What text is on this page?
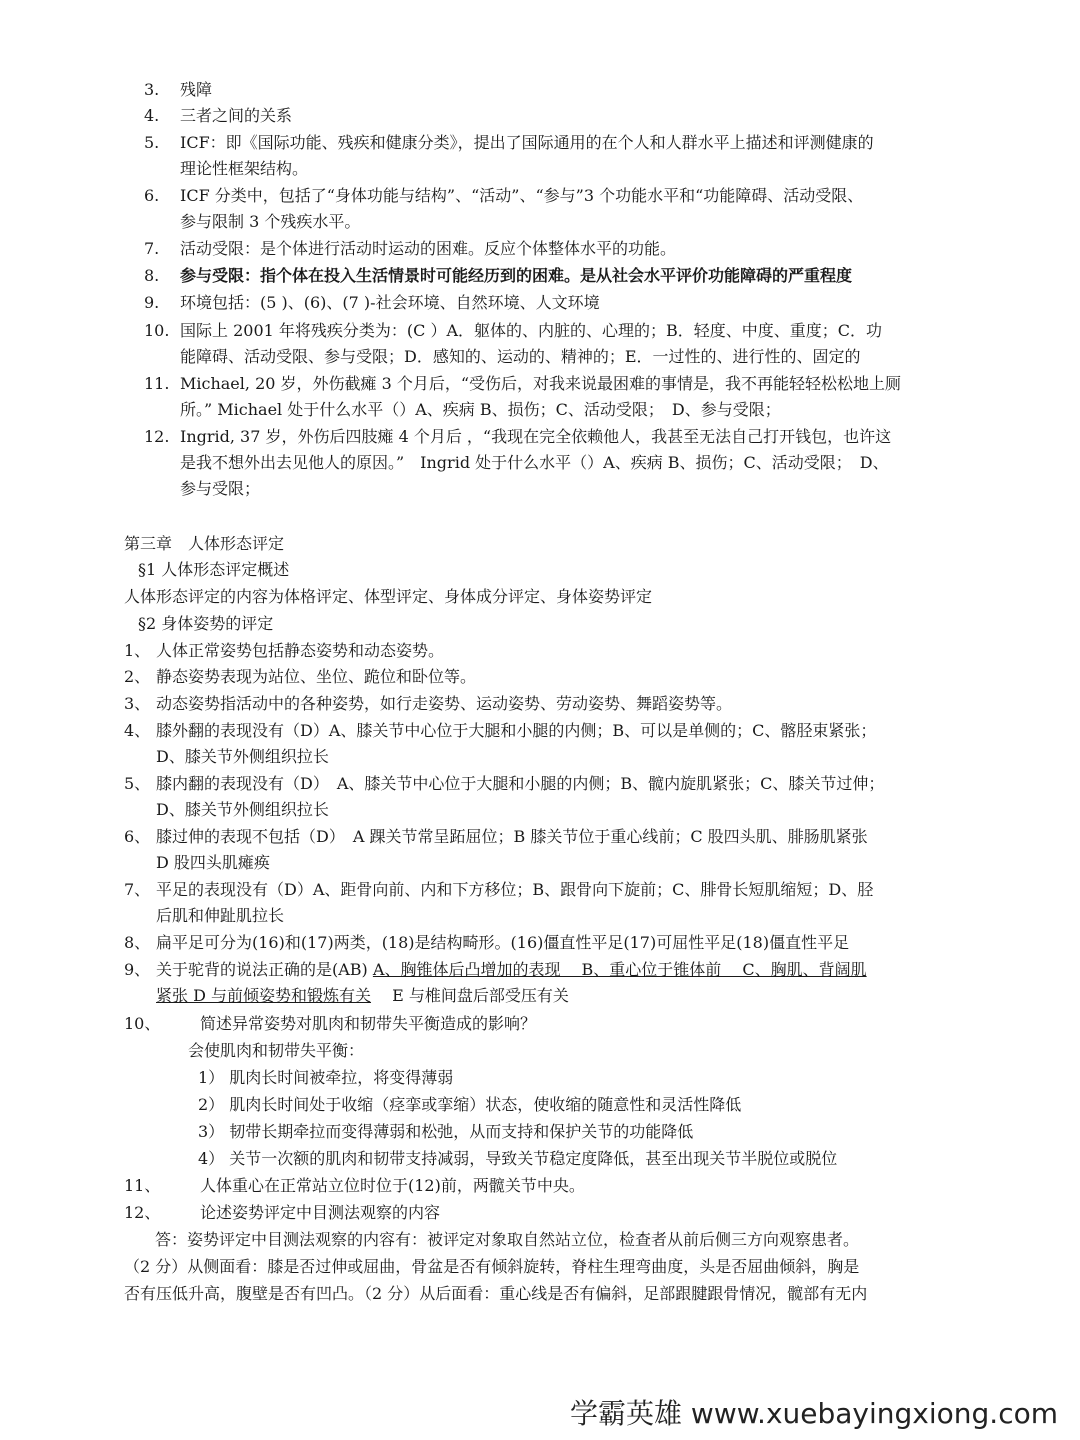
3. 残障
4. 三者之间的关系
5. ICF：即《国际功能、残疾和健康分类》，提出了国际通用的在个人和人群水平上描述和评测健康的
理论性框架结构。
6. ICF 分类中，包括了“身体功能与结构”、“活动”、“参与”3 个功能水平和“功能障碍、活动受限、
参与限制 3 个残疾水平。
7. 活动受限：是个体进行活动时运动的困难。反应个体整体水平的功能。
8. 参与受限：指个体在投入生活情景时可能经历到的困难。是从社会水平评价功能障碍的严重程度
9. 环境包括：(5 )、(6)、(7 )-社会环境、自然环境、人文环境
10. 国际上 2001 年将残疾分类为：(C ）A．躯体的、内脏的、心理的；B．轻度、中度、重度；C．功
能障碍、活动受限、参与受限；D．感知的、运动的、精神的；E．一过性的、进行性的、固定的
11. Michael, 20 岁，外伤截瘫 3 个月后，“受伤后，对我来说最困难的事情是，我不再能轻轻松松地上厕
所。” Michael 处于什么水平（）A、疾病 B、损伤；C、活动受限；　D、参与受限；
12. Ingrid, 37 岁，外伤后四肢瘫 4 个月后 ，“我现在完全依赖他人，我甚至无法自己打开钱包，也许这
是我不想外出去见他人的原因。”　Ingrid 处于什么水平（）A、疾病 B、损伤；C、活动受限；　D、
参与受限；
第三章　人体形态评定
§1 人体形态评定概述
人体形态评定的内容为体格评定、体型评定、身体成分评定、身体姿势评定
§2 身体姿势的评定
1、 人体正常姿势包括静态姿势和动态姿势。
2、 静态姿势表现为站位、坐位、跪位和卧位等。
3、 动态姿势指活动中的各种姿势，如行走姿势、运动姿势、劳动姿势、舞蹈姿势等。
4、 膝外翻的表现没有（D）A、膝关节中心位于大腿和小腿的内侧；B、可以是单侧的；C、髂胫束紧张；
D、膝关节外侧组织拉长
5、 膝内翻的表现没有（D）　A、膝关节中心位于大腿和小腿的内侧；B、髋内旋肌紧张；C、膝关节过伸；
D、膝关节外侧组织拉长
6、 膝过伸的表现不包括（D）　A 踝关节常呈跖屈位；B 膝关节位于重心线前；C 股四头肌、腓肠肌紧张
D 股四头肌瘫痪
7、 平足的表现没有（D）A、距骨向前、内和下方移位；B、跟骨向下旋前；C、腓骨长短肌缩短；D、胫
后肌和伸趾肌拉长
8、 扁平足可分为(16)和(17)两类，(18)是结构畸形。(16)僵直性平足(17)可屈性平足(18)僵直性平足
9、 关于驼背的说法正确的是(AB) A、胸锥体后凸增加的表现　 B、重心位于锥体前　 C、胸肌、背阔肌
紧张 D 与前倾姿势和锻炼有关　 E 与椎间盘后部受压有关
10、 简述异常姿势对肌肉和韧带失平衡造成的影响？
会使肌肉和韧带失平衡：
1） 肌肉长时间被牵拉，将变得薄弱
2） 肌肉长时间处于收缩（痉挛或挛缩）状态，使收缩的随意性和灵活性降低
3） 韧带长期牵拉而变得薄弱和松弛，从而支持和保护关节的功能降低
4） 关节一次额的肌肉和韧带支持减弱，导致关节稳定度降低，甚至出现关节半脱位或脱位
11、 人体重心在正常站立位时位于(12)前，两髋关节中央。
12、 论述姿势评定中目测法观察的内容
答：姿势评定中目测法观察的内容有：被评定对象取自然站立位，检查者从前后侧三方向观察患者。
（2 分）从侧面看：膝是否过伸或屈曲，骨盆是否有倾斜旋转，脊柱生理弯曲度，头是否屈曲倾斜，胸是
否有压低升高，腹壁是否有凹凸。（2 分）从后面看：重心线是否有偏斜，足部跟腱跟骨情况，髋部有无内
学霸英雄 www.xuebayingxiong.com
